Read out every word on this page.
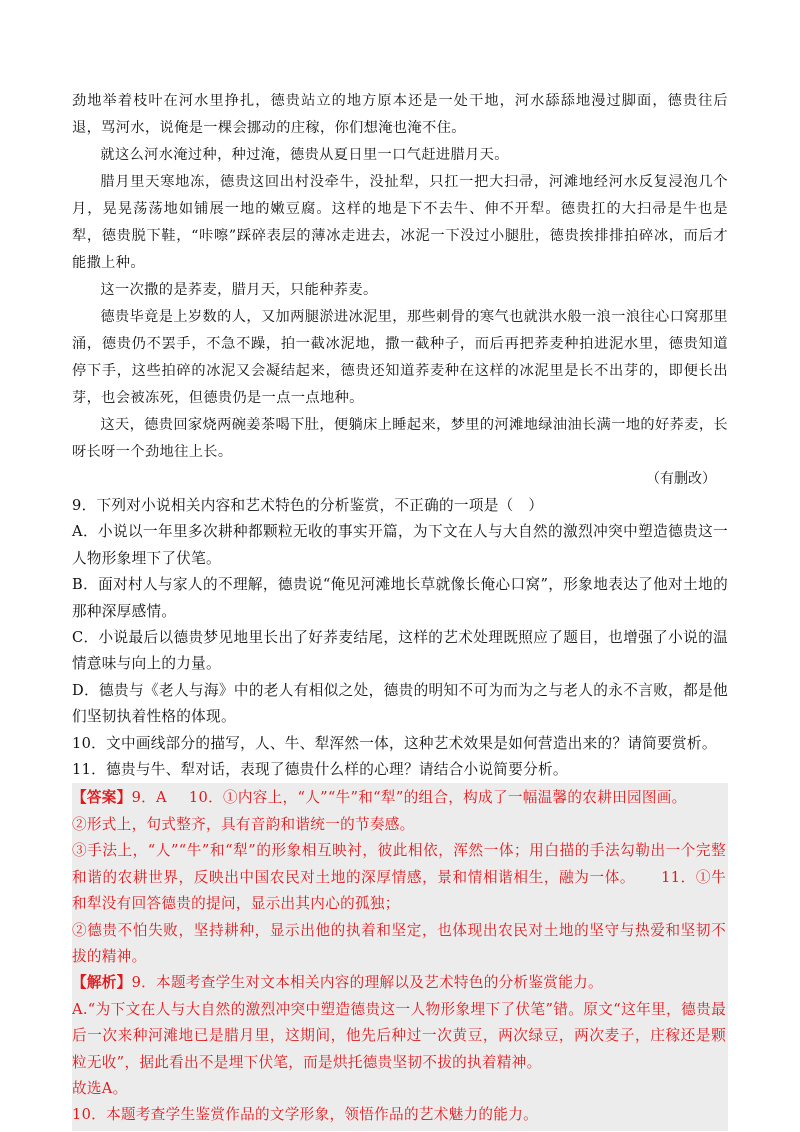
劲地举着枝叶在河水里挣扎，德贵站立的地方原本还是一处干地，河水舔舔地漫过脚面，德贵往后退，骂河水，说俺是一棵会挪动的庄稼，你们想淹也淹不住。

就这么河水淹过种，种过淹，德贵从夏日里一口气赶进腊月天。

腊月里天寒地冻，德贵这回出村没牵牛，没扯犁，只扛一把大扫帚，河滩地经河水反复浸泡几个月，晃晃荡荡地如铺展一地的嫩豆腐。这样的地是下不去牛、伸不开犁。德贵扛的大扫帚是牛也是犁，德贵脱下鞋，“咔嚓”踩碎表层的薄冰走进去，冰泥一下没过小腿肚，德贵挨排排拍碎冰，而后才能撒上种。

这一次撒的是荞麦，腊月天，只能种荞麦。

德贵毕竟是上岁数的人，又加两腿淤进冰泥里，那些刺骨的寒气也就洪水般一浪一浪往心口窝那里涌，德贵仍不罢手，不急不躁，拍一截冰泥地，撒一截种子，而后再把荞麦种拍进泥水里，德贵知道停下手，这些拍碎的冰泥又会凝结起来，德贵还知道荞麦种在这样的冰泥里是长不出芽的，即便长出芽，也会被冻死，但德贵仍是一点一点地种。

这天，德贵回家烧两碗姜茶喝下肚，便躺床上睡起来，梦里的河滩地绿油油长满一地的好荞麦，长呀长呀一个劲地往上长。

（有删改）

9．下列对小说相关内容和艺术特色的分析鉴赏，不正确的一项是（　）

A．小说以一年里多次耕种都颗粒无收的事实开篇，为下文在人与大自然的激烈冲突中塑造德贵这一人物形象埋下了伏笔。

B．面对村人与家人的不理解，德贵说“俺见河滩地长草就像长俺心口窝”，形象地表达了他对土地的那种深厚感情。

C．小说最后以德贵梦见地里长出了好荞麦结尾，这样的艺术处理既照应了题目，也增强了小说的温情意味与向上的力量。

D．德贵与《老人与海》中的老人有相似之处，德贵的明知不可为而为之与老人的永不言败，都是他们坚韧执着性格的体现。

10．文中画线部分的描写，人、牛、犁浑然一体，这种艺术效果是如何营造出来的？请简要赏析。

11．德贵与牛、犁对话，表现了德贵什么样的心理？请结合小说简要分析。

【答案】9．A 10．①内容上，“人”“牛”和“犁”的组合，构成了一幅温馨的农耕田园图画。

②形式上，句式整齐，具有音韵和谐统一的节奏感。

③手法上，“人”“牛”和“犁”的形象相互映衬，彼此相依，浑然一体；用白描的手法勾勒出一个完整和谐的农耕世界，反映出中国农民对土地的深厚情感，景和情相谐相生，融为一体。 11．①牛和犁没有回答德贵的提问，显示出其内心的孤独；

②德贵不怕失败，坚持耕种，显示出他的执着和坚定，也体现出农民对土地的坚守与热爱和坚韧不拔的精神。

【解析】9．本题考查学生对文本相关内容的理解以及艺术特色的分析鉴赏能力。

A.“为下文在人与大自然的激烈冲突中塑造德贵这一人物形象埋下了伏笔”错。原文“这年里，德贵最后一次来种河滩地已是腊月里，这期间，他先后种过一次黄豆，两次绿豆，两次麦子，庄稼还是颗粒无收”，据此看出不是埋下伏笔，而是烘托德贵坚韧不拔的执着精神。

故选A。

10．本题考查学生鉴赏作品的文学形象，领悟作品的艺术魅力的能力。
